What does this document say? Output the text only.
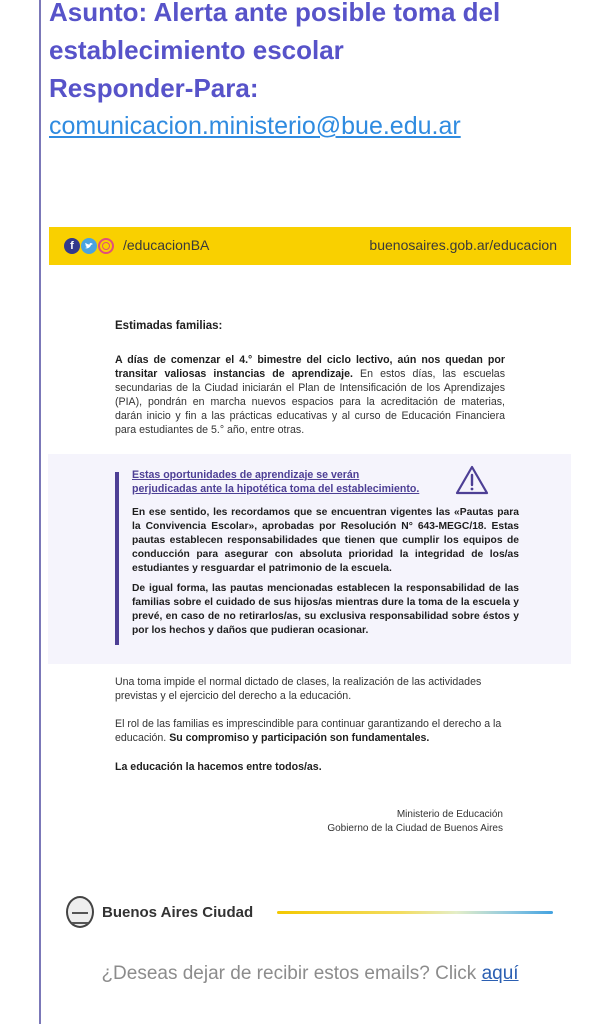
Asunto: Alerta ante posible toma del
establecimiento escolar
Responder-Para:
comunicacion.ministerio@bue.edu.ar
f	/educacionBA	buenosaires.gob.ar/educacion
Estimadas familias:
A días de comenzar el 4.° bimestre del ciclo lectivo, aún nos quedan por transitar valiosas instancias de aprendizaje. En estos días, las escuelas secundarias de la Ciudad iniciarán el Plan de Intensificación de los Aprendizajes (PIA), pondrán en marcha nuevos espacios para la acreditación de materias, darán inicio y fin a las prácticas educativas y al curso de Educación Financiera para estudiantes de 5.° año, entre otras.
Estas oportunidades de aprendizaje se verán perjudicadas ante la hipotética toma del establecimiento.
En ese sentido, les recordamos que se encuentran vigentes las «Pautas para la Convivencia Escolar», aprobadas por Resolución N° 643-MEGC/18. Estas pautas establecen responsabilidades que tienen que cumplir los equipos de conducción para asegurar con absoluta prioridad la integridad de los/as estudiantes y resguardar el patrimonio de la escuela.
De igual forma, las pautas mencionadas establecen la responsabilidad de las familias sobre el cuidado de sus hijos/as mientras dure la toma de la escuela y prevé, en caso de no retirarlos/as, su exclusiva responsabilidad sobre éstos y por los hechos y daños que pudieran ocasionar.
Una toma impide el normal dictado de clases, la realización de las actividades previstas y el ejercicio del derecho a la educación.
El rol de las familias es imprescindible para continuar garantizando el derecho a la educación. Su compromiso y participación son fundamentales.
La educación la hacemos entre todos/as.
Ministerio de Educación
Gobierno de la Ciudad de Buenos Aires
Buenos Aires Ciudad
¿Deseas dejar de recibir estos emails? Click aquí
